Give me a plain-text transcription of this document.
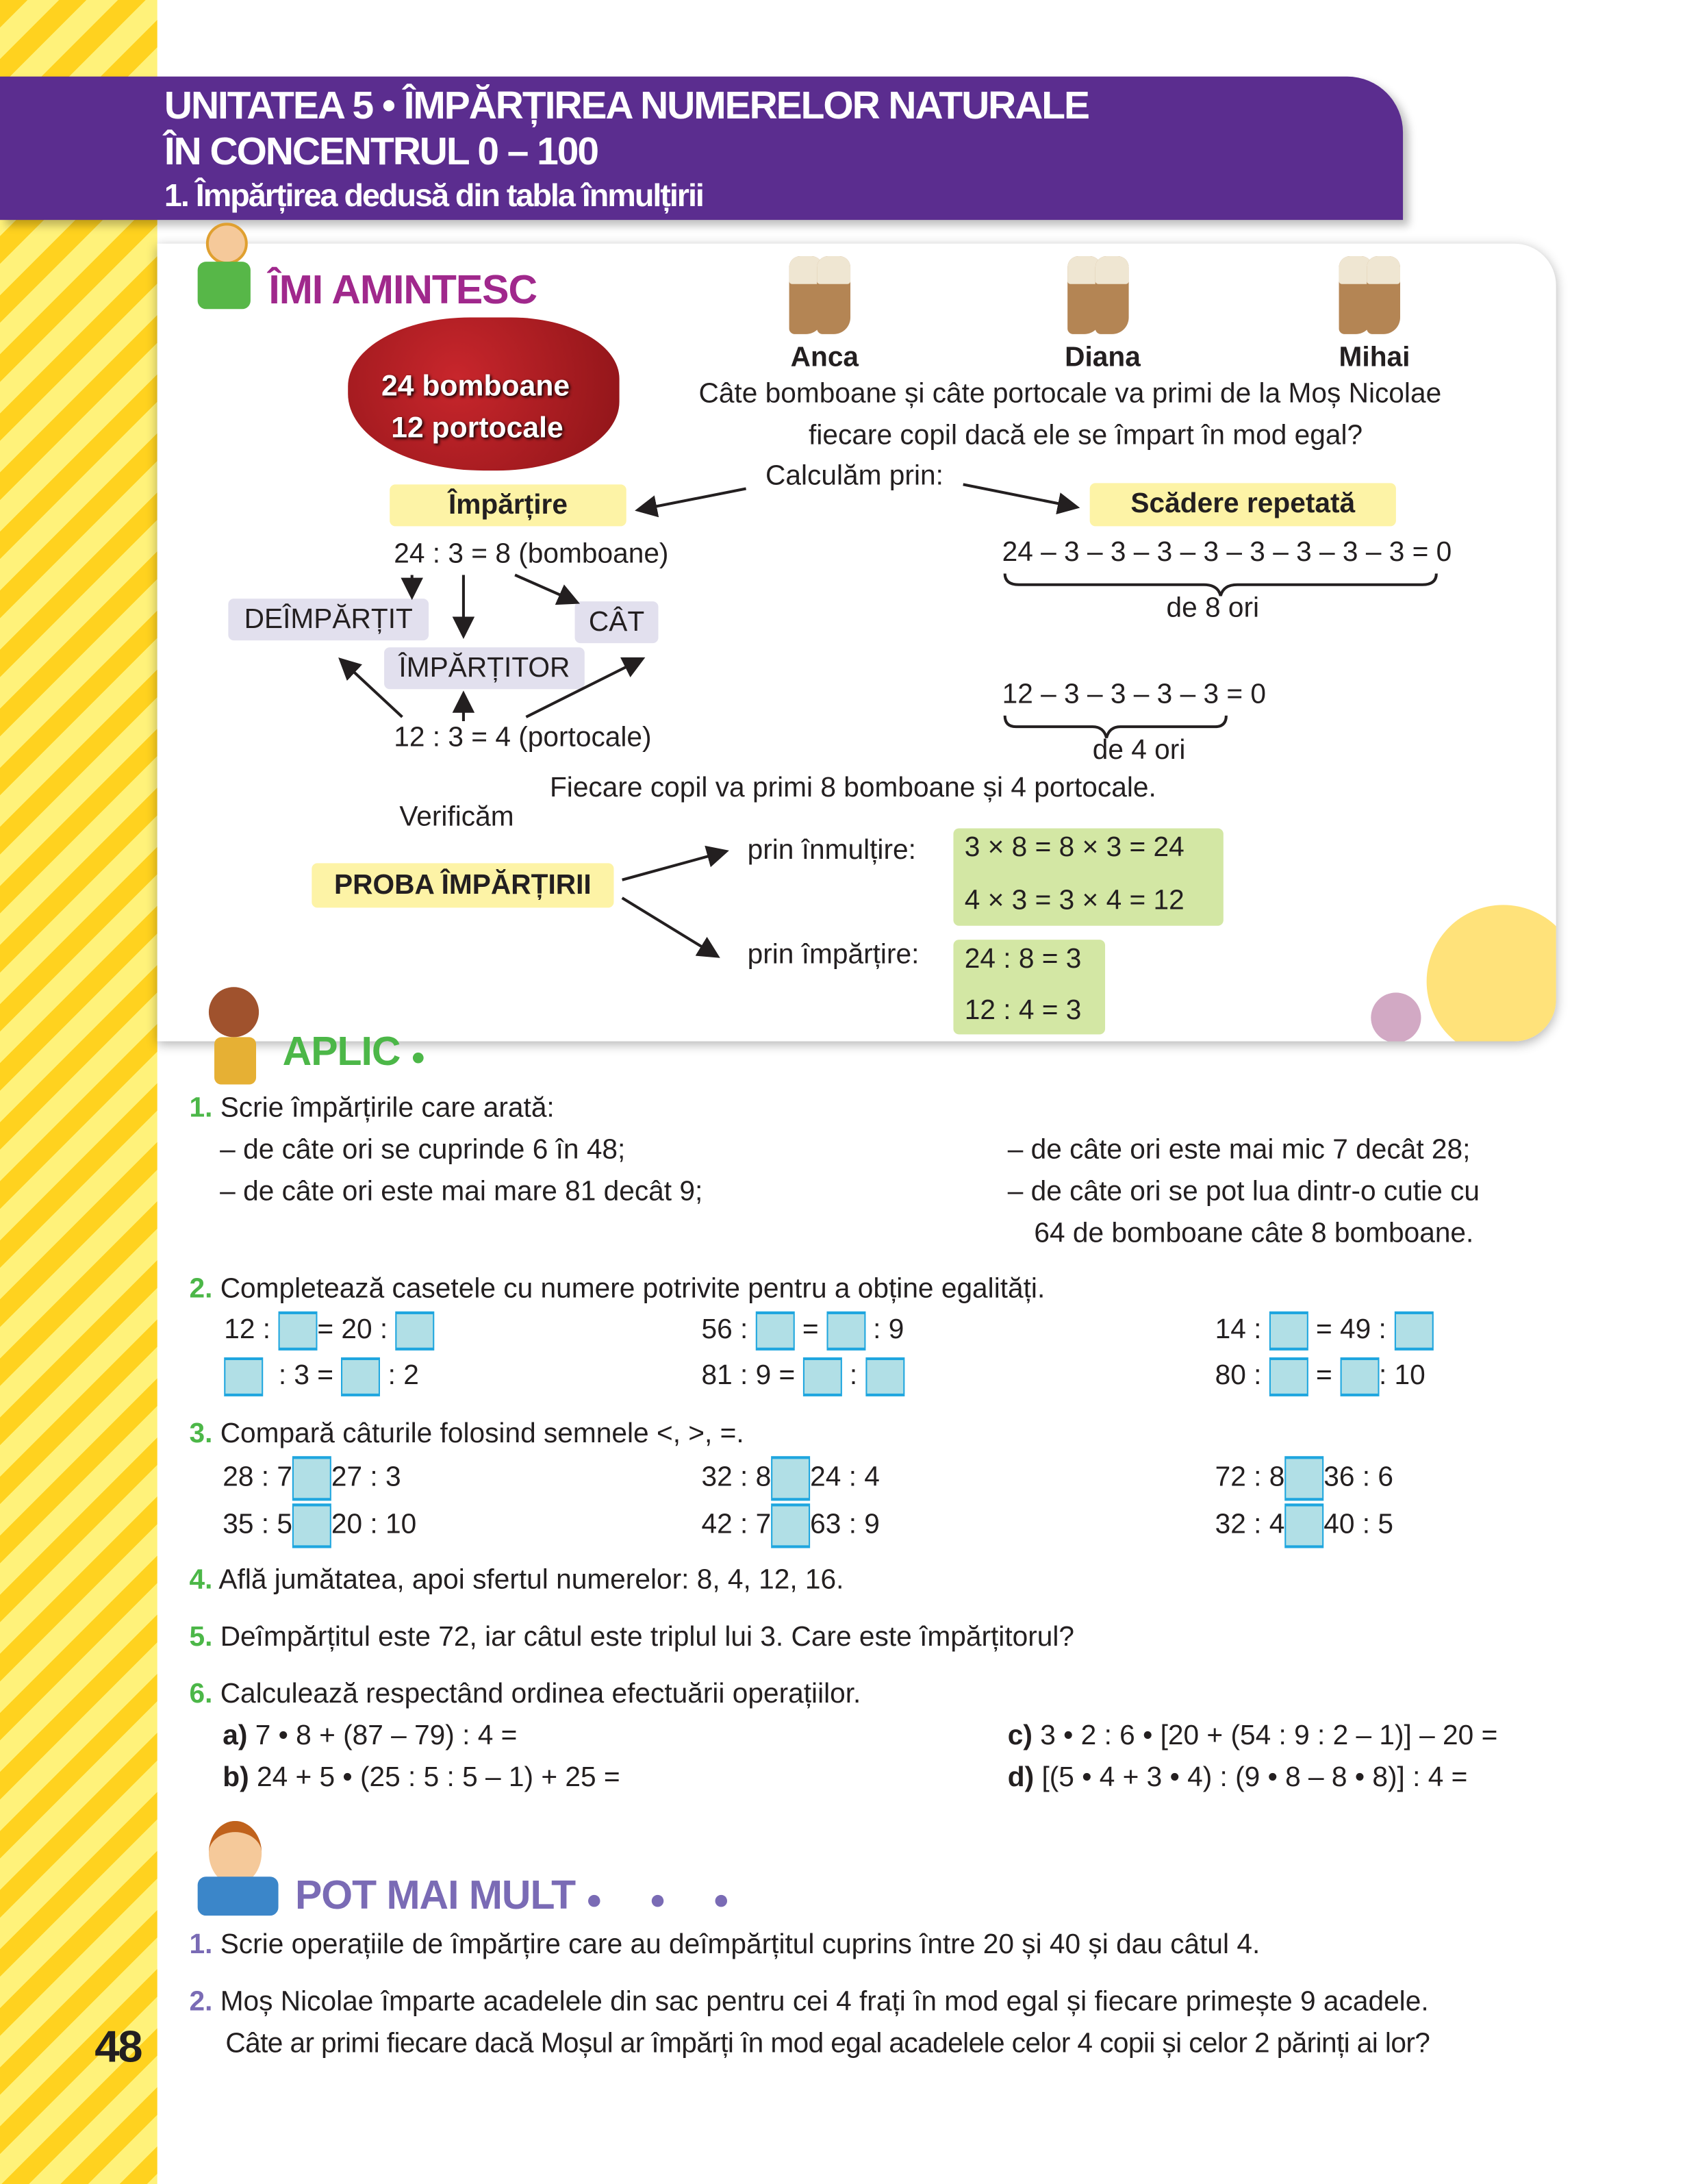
48
UNITATEA 5 • ÎMPĂRȚIREA NUMERELOR NATURALE
ÎN CONCENTRUL 0 – 100
1. Împărțirea dedusă din tabla înmulțirii
ÎMI AMINTESC
24 bomboane
12 portocale
Anca	Diana	Mihai
Câte bomboane și câte portocale va primi de la Moș Nicolae
fiecare copil dacă ele se împart în mod egal?
Calculăm prin:
Împărțire	Scădere repetată
24 : 3 = 8 (bomboane)
DEÎMPĂRȚIT	CÂT
ÎMPĂRȚITOR
12 : 3 = 4 (portocale)
24 – 3 – 3 – 3 – 3 – 3 – 3 – 3 – 3 = 0
de 8 ori
12 – 3 – 3 – 3 – 3 = 0
de 4 ori
Fiecare copil va primi 8 bomboane și 4 portocale.
Verificăm
PROBA ÎMPĂRȚIRII
prin înmulțire:	3 × 8 = 8 × 3 = 24
4 × 3 = 3 × 4 = 12
prin împărțire:	24 : 8 = 3
12 : 4 = 3
APLIC ●
1. Scrie împărțirile care arată:
– de câte ori se cuprinde 6 în 48;
– de câte ori este mai mare 81 decât 9;
– de câte ori este mai mic 7 decât 28;
– de câte ori se pot lua dintr-o cutie cu
64 de bomboane câte 8 bomboane.
2. Completează casetele cu numere potrivite pentru a obține egalități.
12 :	= 20 :	56 :	=	: 9	14 :	= 49 :
: 3 =	: 2	81 : 9 =	:	80 :	=	: 10
3. Compară câturile folosind semnele <, >, =.
28 : 7	27 : 3	32 : 8	24 : 4	72 : 8	36 : 6
35 : 5	20 : 10	42 : 7	63 : 9	32 : 4	40 : 5
4. Află jumătatea, apoi sfertul numerelor: 8, 4, 12, 16.
5. Deîmpărțitul este 72, iar câtul este triplul lui 3. Care este împărțitorul?
6. Calculează respectând ordinea efectuării operațiilor.
a) 7 • 8 + (87 – 79) : 4 =
b) 24 + 5 • (25 : 5 : 5 – 1) + 25 =
c) 3 • 2 : 6 • [20 + (54 : 9 : 2 – 1)] – 20 =
d) [(5 • 4 + 3 • 4) : (9 • 8 – 8 • 8)] : 4 =
POT MAI MULT ● ● ●
1. Scrie operațiile de împărțire care au deîmpărțitul cuprins între 20 și 40 și dau câtul 4.
2. Moș Nicolae împarte acadelele din sac pentru cei 4 frați în mod egal și fiecare primește 9 acadele.
Câte ar primi fiecare dacă Moșul ar împărți în mod egal acadelele celor 4 copii și celor 2 părinți ai lor?
